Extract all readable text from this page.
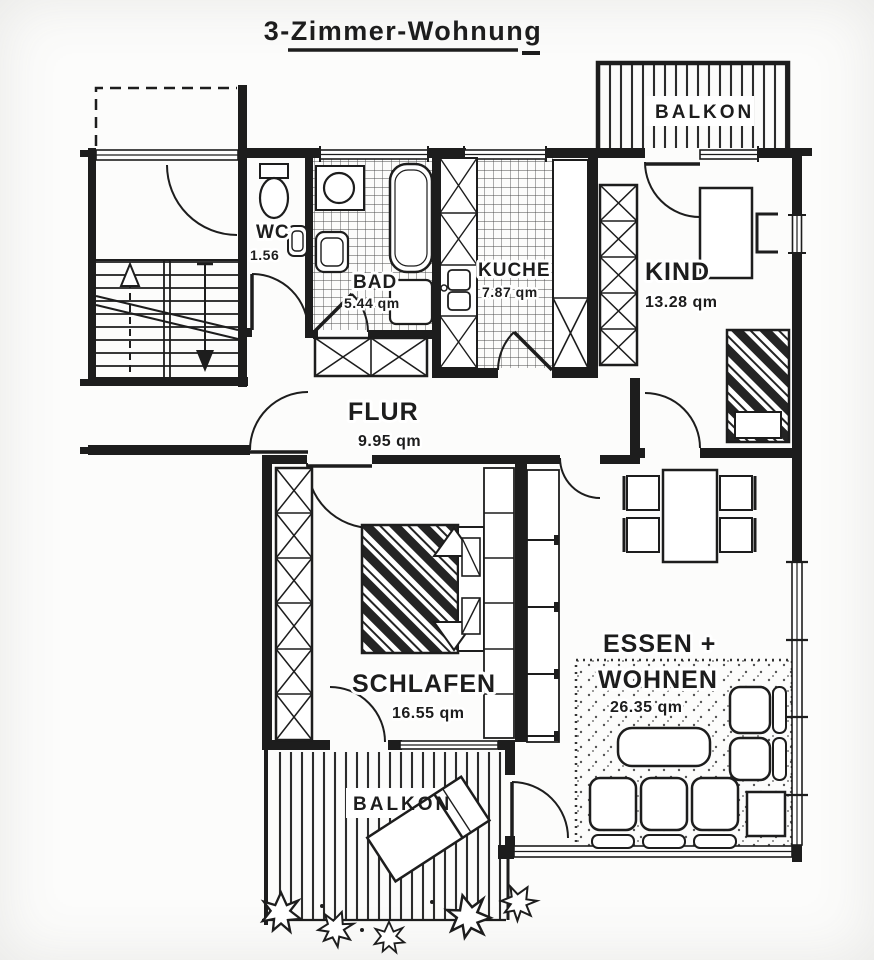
3-Zimmer-Wohnung
WC
1.56
BAD
5.44 qm
KUCHE
7.87 qm
KIND
13.28 qm
FLUR
9.95 qm
SCHLAFEN
16.55 qm
ESSEN +
WOHNEN
26.35 qm
BALKON
BALKON
